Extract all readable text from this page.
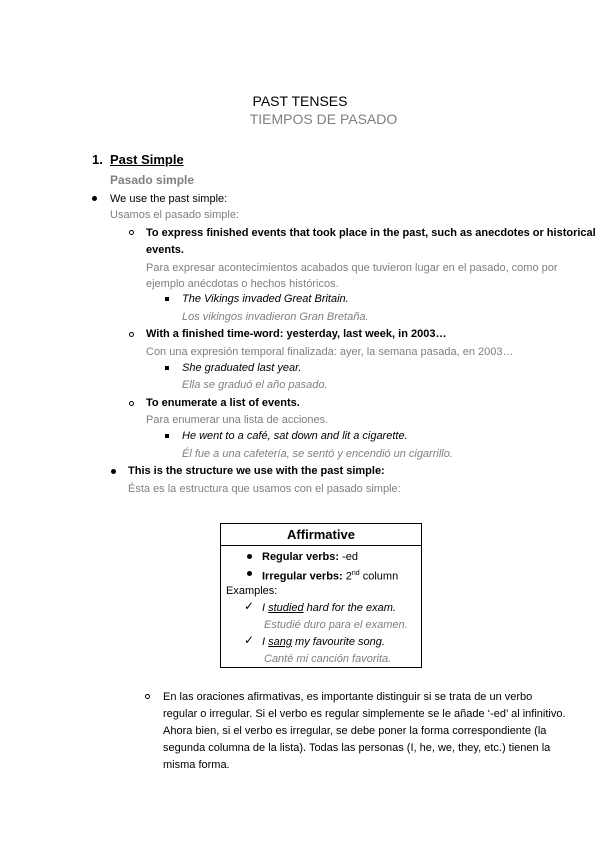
PAST TENSES
TIEMPOS DE PASADO
1. Past Simple
Pasado simple
We use the past simple:
Usamos el pasado simple:
To express finished events that took place in the past, such as anecdotes or historical
events.
Para expresar acontecimientos acabados que tuvieron lugar en el pasado, como por
ejemplo anécdotas o hechos históricos.
The Vikings invaded Great Britain.
Los vikingos invadieron Gran Bretaña.
With a finished time-word: yesterday, last week, in 2003…
Con una expresión temporal finalizada: ayer, la semana pasada, en 2003…
She graduated last year.
Ella se graduó el año pasado.
To enumerate a list of events.
Para enumerar una lista de acciones.
He went to a café, sat down and lit a cigarette.
Él fue a una cafetería, se sentó y encendió un cigarrillo.
This is the structure we use with the past simple:
Ésta es la estructura que usamos con el pasado simple:
Affirmative
Regular verbs: -ed
Irregular verbs: 2nd column
Examples:
✓ I studied hard for the exam.
Estudié duro para el examen.
✓ I sang my favourite song.
Canté mi canción favorita.
En las oraciones afirmativas, es importante distinguir si se trata de un verbo
regular o irregular. Si el verbo es regular simplemente se le añade ‘-ed’ al infinitivo.
Ahora bien, si el verbo es irregular, se debe poner la forma correspondiente (la
segunda columna de la lista). Todas las personas (I, he, we, they, etc.) tienen la
misma forma.
